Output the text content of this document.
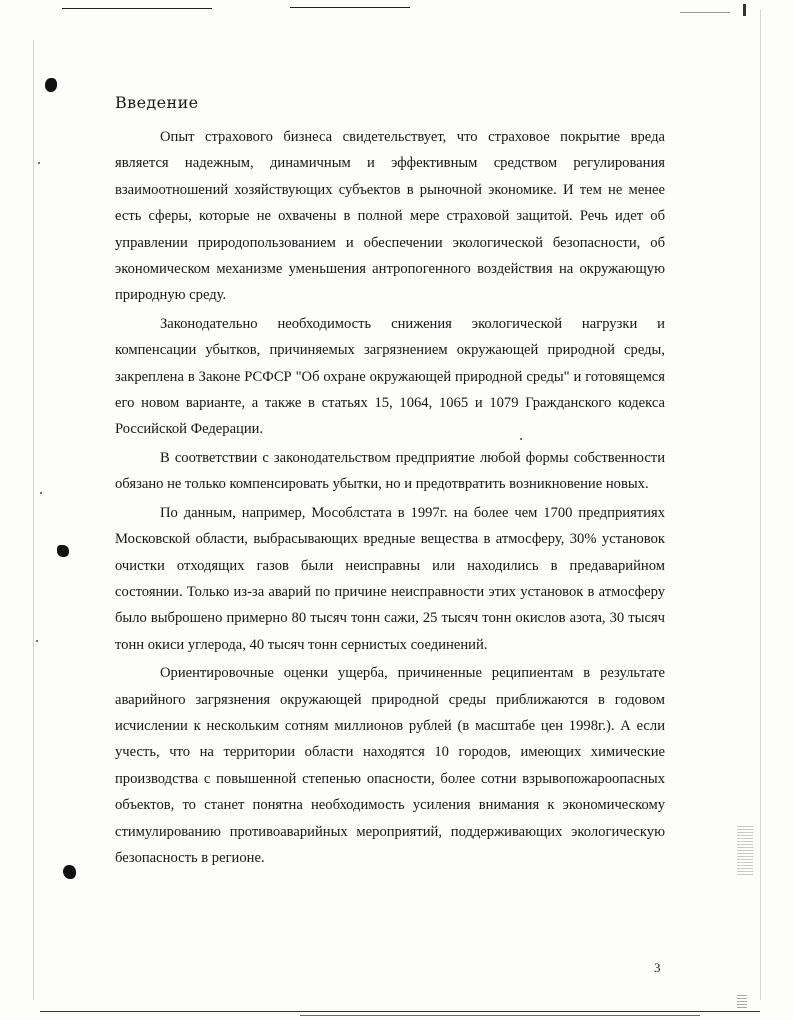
Введение

Опыт страхового бизнеса свидетельствует, что страховое покрытие вреда является надежным, динамичным и эффективным средством регулирования взаимоотношений хозяйствующих субъектов в рыночной экономике. И тем не менее есть сферы, которые не охвачены в полной мере страховой защитой. Речь идет об управлении природопользованием и обеспечении экологической безопасности, об экономическом механизме уменьшения антропогенного воздействия на окружающую природную среду.

Законодательно необходимость снижения экологической нагрузки и компенсации убытков, причиняемых загрязнением окружающей природной среды, закреплена в Законе РСФСР "Об охране окружающей природной среды" и готовящемся его новом варианте, а также в статьях 15, 1064, 1065 и 1079 Гражданского кодекса Российской Федерации.

В соответствии с законодательством предприятие любой формы собственности обязано не только компенсировать убытки, но и предотвратить возникновение новых.

По данным, например, Мособлстата в 1997г. на более чем 1700 предприятиях Московской области, выбрасывающих вредные вещества в атмосферу, 30% установок очистки отходящих газов были неисправны или находились в предаварийном состоянии. Только из-за аварий по причине неисправности этих установок в атмосферу было выброшено примерно 80 тысяч тонн сажи, 25 тысяч тонн окислов азота, 30 тысяч тонн окиси углерода, 40 тысяч тонн сернистых соединений.

Ориентировочные оценки ущерба, причиненные реципиентам в результате аварийного загрязнения окружающей природной среды приближаются в годовом исчислении к нескольким сотням миллионов рублей (в масштабе цен 1998г.). А если учесть, что на территории области находятся 10 городов, имеющих химические производства с повышенной степенью опасности, более сотни взрывопожароопасных объектов, то станет понятна необходимость усиления внимания к экономическому стимулированию противоаварийных мероприятий, поддерживающих экологическую безопасность в регионе.

3
